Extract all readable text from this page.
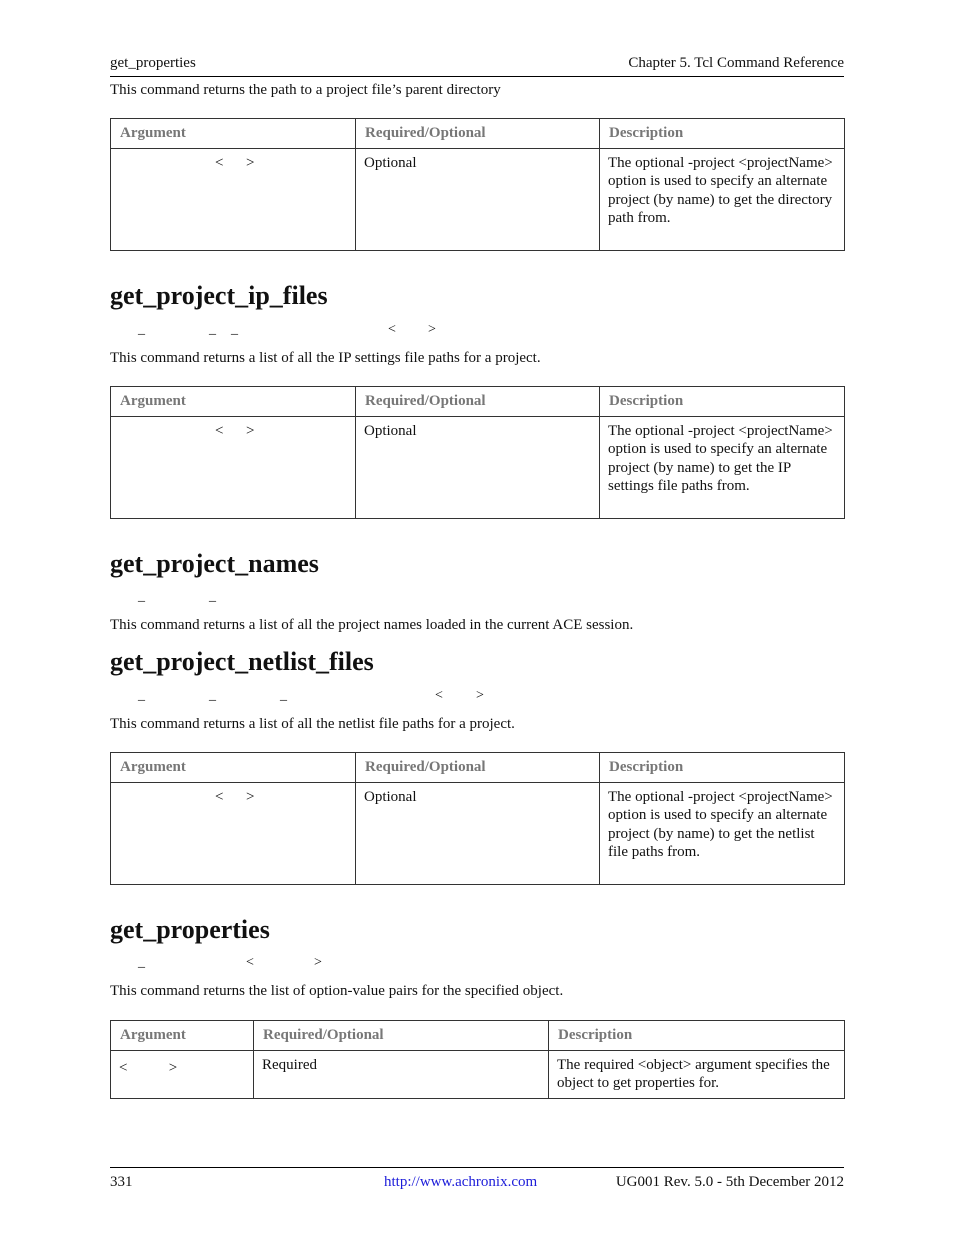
get_properties	Chapter 5. Tcl Command Reference
This command returns the path to a project file’s parent directory
Argument	Required/Optional	Description
<      >	Optional	The optional -project <projectName> option is used to specify an alternate project (by name) to get the directory path from.
get_project_ip_files
_	_ _	< >
This command returns a list of all the IP settings file paths for a project.
Argument	Required/Optional	Description
<      >	Optional	The optional -project <projectName> option is used to specify an alternate project (by name) to get the IP settings file paths from.
get_project_names
_	_
This command returns a list of all the project names loaded in the current ACE session.
get_project_netlist_files
_	_	_	< >
This command returns a list of all the netlist file paths for a project.
Argument	Required/Optional	Description
<      >	Optional	The optional -project <projectName> option is used to specify an alternate project (by name) to get the netlist file paths from.
get_properties
_	<	>
This command returns the list of option-value pairs for the specified object.
Argument	Required/Optional	Description
<           >	Required	The required <object> argument specifies the object to get properties for.
331	http://www.achronix.com	UG001 Rev. 5.0 - 5th December 2012
